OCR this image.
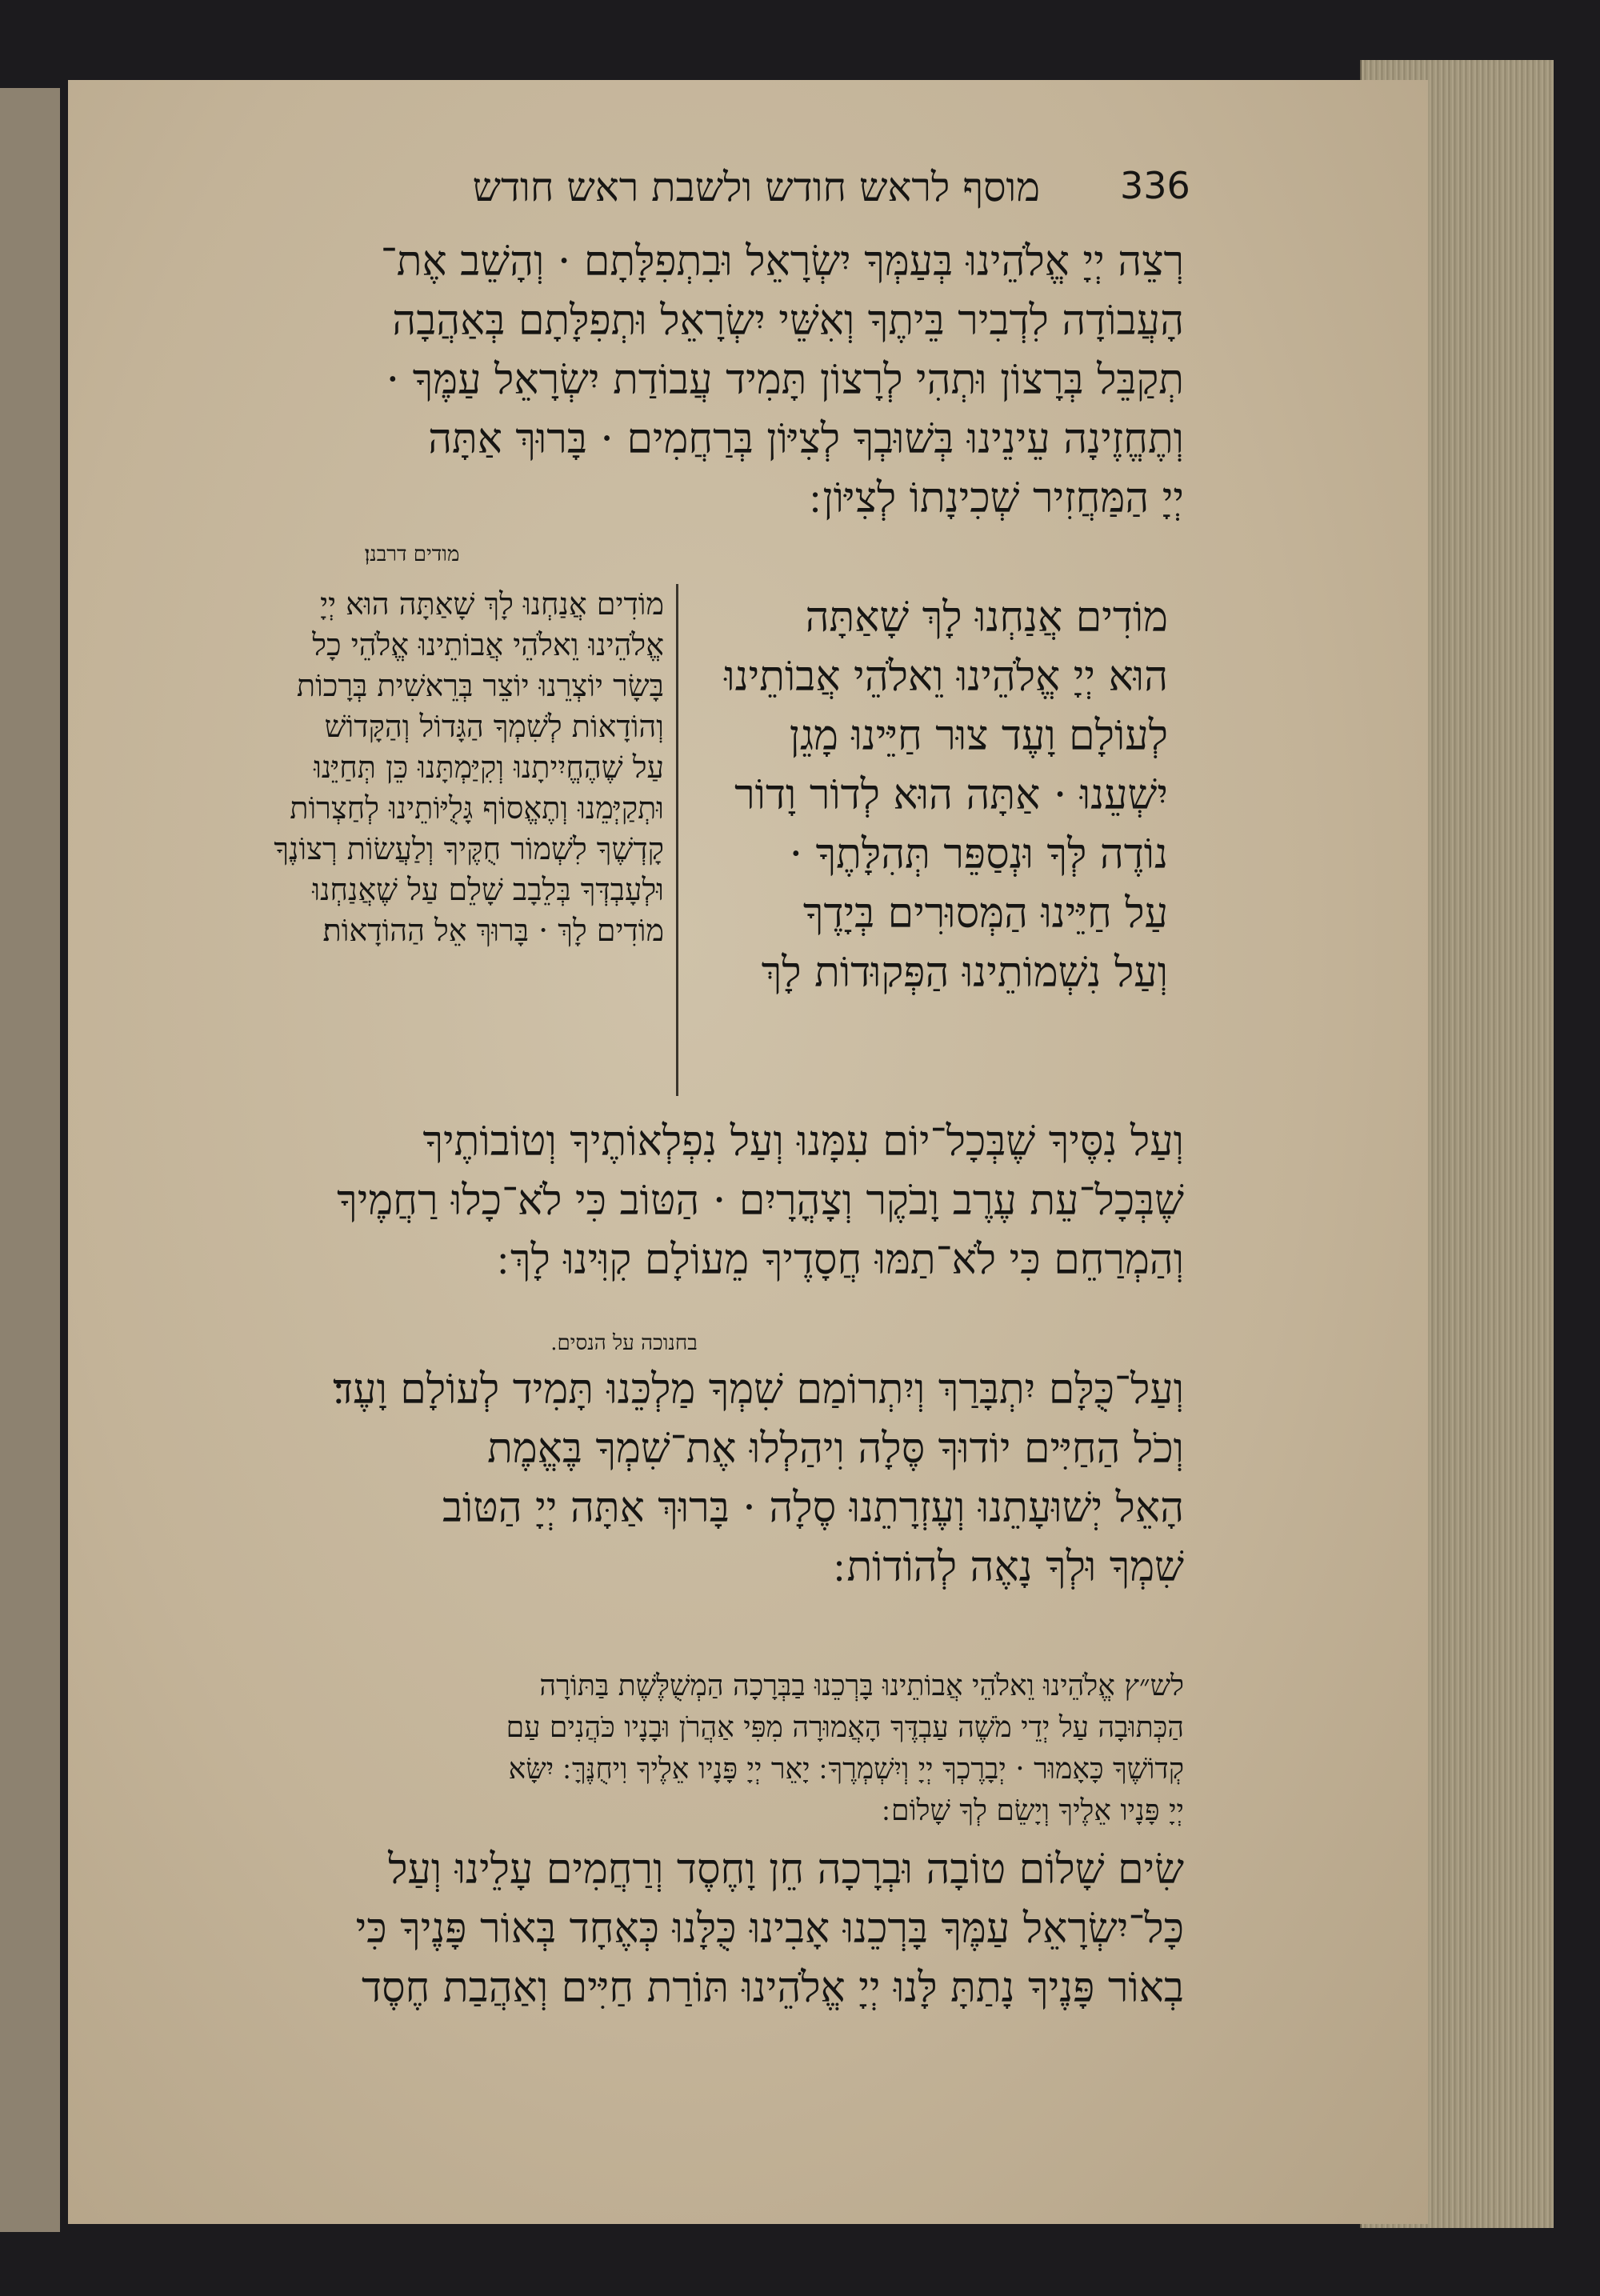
336
מוסף לראש חודש ולשבת ראש חודש
רְצֵה יְיָ אֱלֹהֵינוּ בְּעַמְּךָ יִשְׂרָאֵל וּבִתְפִלָּתָם · וְהָשֵׁב אֶת־
הָעֲבוֹדָה לִדְבִיר בֵּיתֶךָ וְאִשֵּׁי יִשְׂרָאֵל וּתְפִלָּתָם בְּאַהֲבָה
תְקַבֵּל בְּרָצוֹן וּתְהִי לְרָצוֹן תָּמִיד עֲבוֹדַת יִשְׂרָאֵל עַמֶּךָ ·
וְתֶחֱזֶינָה עֵינֵינוּ בְּשׁוּבְךָ לְצִיּוֹן בְּרַחֲמִים · בָּרוּךְ אַתָּה
יְיָ הַמַּחֲזִיר שְׁכִינָתוֹ לְצִיּוֹן ׃
מודים דרבנן׃
מוֹדִים אֲנַחְנוּ לָךְ שָׁאַתָּה
הוּא יְיָ אֱלֹהֵינוּ וֵאלֹהֵי אֲבוֹתֵינוּ
לְעוֹלָם וָעֶד צוּר חַיֵּינוּ מָגֵן
יִשְׁעֵנוּ · אַתָּה הוּא לְדוֹר וָדוֹר
נוֹדֶה לְּךָ וּנְסַפֵּר תְּהִלָּתֶךָ ·
עַל חַיֵּינוּ הַמְּסוּרִים בְּיָדֶךָ
וְעַל נִשְׁמוֹתֵינוּ הַפְּקוּדוֹת לָךְ
מוֹדִים אֲנַחְנוּ לָךְ שָׁאַתָּה הוּא יְיָ
אֱלֹהֵינוּ וֵאלֹהֵי אֲבוֹתֵינוּ אֱלֹהֵי כָל
בָּשָׂר יוֹצְרֵנוּ יוֹצֵר בְּרֵאשִׁית בְּרָכוֹת
וְהוֹדָאוֹת לְשִׁמְךָ הַגָּדוֹל וְהַקָּדוֹשׁ
עַל שֶׁהֶחֱיִיתָנוּ וְקִיַּמְתָּנוּ כֵּן תְּחַיֵּנוּ
וּתְקַיְּמֵנוּ וְתֶאֱסוֹף גָּלֻיּוֹתֵינוּ לְחַצְרוֹת
קָדְשֶׁךָ לִשְׁמוֹר חֻקֶּיךָ וְלַעֲשׂוֹת רְצוֹנֶךָ
וּלְעָבְדְּךָ בְּלֵבָב שָׁלֵם עַל שֶׁאֲנַחְנוּ
מוֹדִים לָךְ · בָּרוּךְ אֵל הַהוֹדָאוֹת׃
וְעַל נִסֶּיךָ שֶׁבְּכָל־יוֹם עִמָּנוּ וְעַל נִפְלְאוֹתֶיךָ וְטוֹבוֹתֶיךָ
שֶׁבְּכָל־עֵת עֶרֶב וָבֹקֶר וְצָהֳרָיִם · הַטּוֹב כִּי לֹא־כָלוּ רַחֲמֶיךָ
וְהַמְרַחֵם כִּי לֹא־תַמּוּ חֲסָדֶיךָ מֵעוֹלָם קִוִּינוּ לָךְ ׃
בחנוכה על הנסים.
וְעַל־כֻּלָּם יִתְבָּרַךְ וְיִתְרוֹמַם שִׁמְךָ מַלְכֵּנוּ תָּמִיד לְעוֹלָם וָעֶד׃
וְכֹל הַחַיִּים יוֹדוּךָ סֶּלָה וִיהַלְלוּ אֶת־שִׁמְךָ בֶּאֱמֶת
הָאֵל יְשׁוּעָתֵנוּ וְעֶזְרָתֵנוּ סֶלָה · בָּרוּךְ אַתָּה יְיָ הַטּוֹב
שִׁמְךָ וּלְךָ נָאֶה לְהוֹדוֹת ׃
לש״ץ אֱלֹהֵינוּ וֵאלֹהֵי אֲבוֹתֵינוּ בָּרְכֵנוּ בַבְּרָכָה הַמְשֻׁלֶּשֶׁת בַּתּוֹרָה
הַכְּתוּבָה עַל יְדֵי מֹשֶׁה עַבְדֶּךָ הָאֲמוּרָה מִפִּי אַהֲרֹן וּבָנָיו כֹּהֲנִים עַם
קְדוֹשֶׁךָ כָּאָמוּר · יְבָרֶכְךָ יְיָ וְיִשְׁמְרֶךָ ׃ יָאֵר יְיָ פָּנָיו אֵלֶיךָ וִיחֻנֶּךָּ ׃ יִשָּׂא
יְיָ פָּנָיו אֵלֶיךָ וְיָשֵׂם לְךָ שָׁלוֹם ׃
שִׂים שָׁלוֹם טוֹבָה וּבְרָכָה חֵן וָחֶסֶד וְרַחֲמִים עָלֵינוּ וְעַל
כָּל־יִשְׂרָאֵל עַמֶּךָ בָּרְכֵנוּ אָבִינוּ כֻּלָּנוּ כְּאֶחָד בְּאוֹר פָּנֶיךָ כִּי
בְאוֹר פָּנֶיךָ נָתַתָּ לָּנוּ יְיָ אֱלֹהֵינוּ תּוֹרַת חַיִּים וְאַהֲבַת חֶסֶד
